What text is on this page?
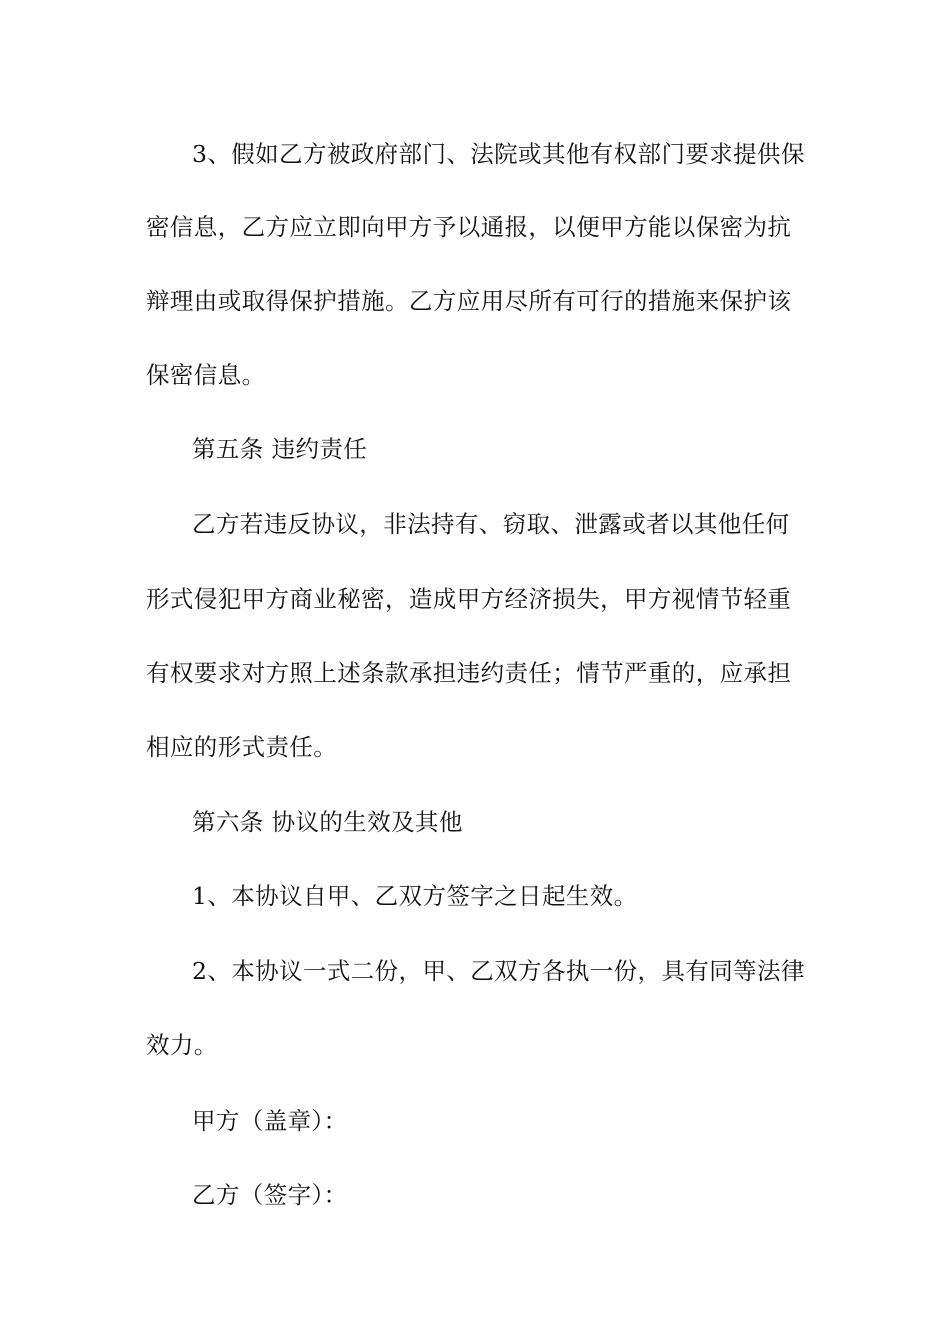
3、假如乙方被政府部门、法院或其他有权部门要求提供保
密信息，乙方应立即向甲方予以通报，以便甲方能以保密为抗
辩理由或取得保护措施。乙方应用尽所有可行的措施来保护该
保密信息。
第五条 违约责任
乙方若违反协议，非法持有、窃取、泄露或者以其他任何
形式侵犯甲方商业秘密，造成甲方经济损失，甲方视情节轻重
有权要求对方照上述条款承担违约责任；情节严重的，应承担
相应的形式责任。
第六条 协议的生效及其他
1、本协议自甲、乙双方签字之日起生效。
2、本协议一式二份，甲、乙双方各执一份，具有同等法律
效力。
甲方（盖章）：
乙方（签字）：
